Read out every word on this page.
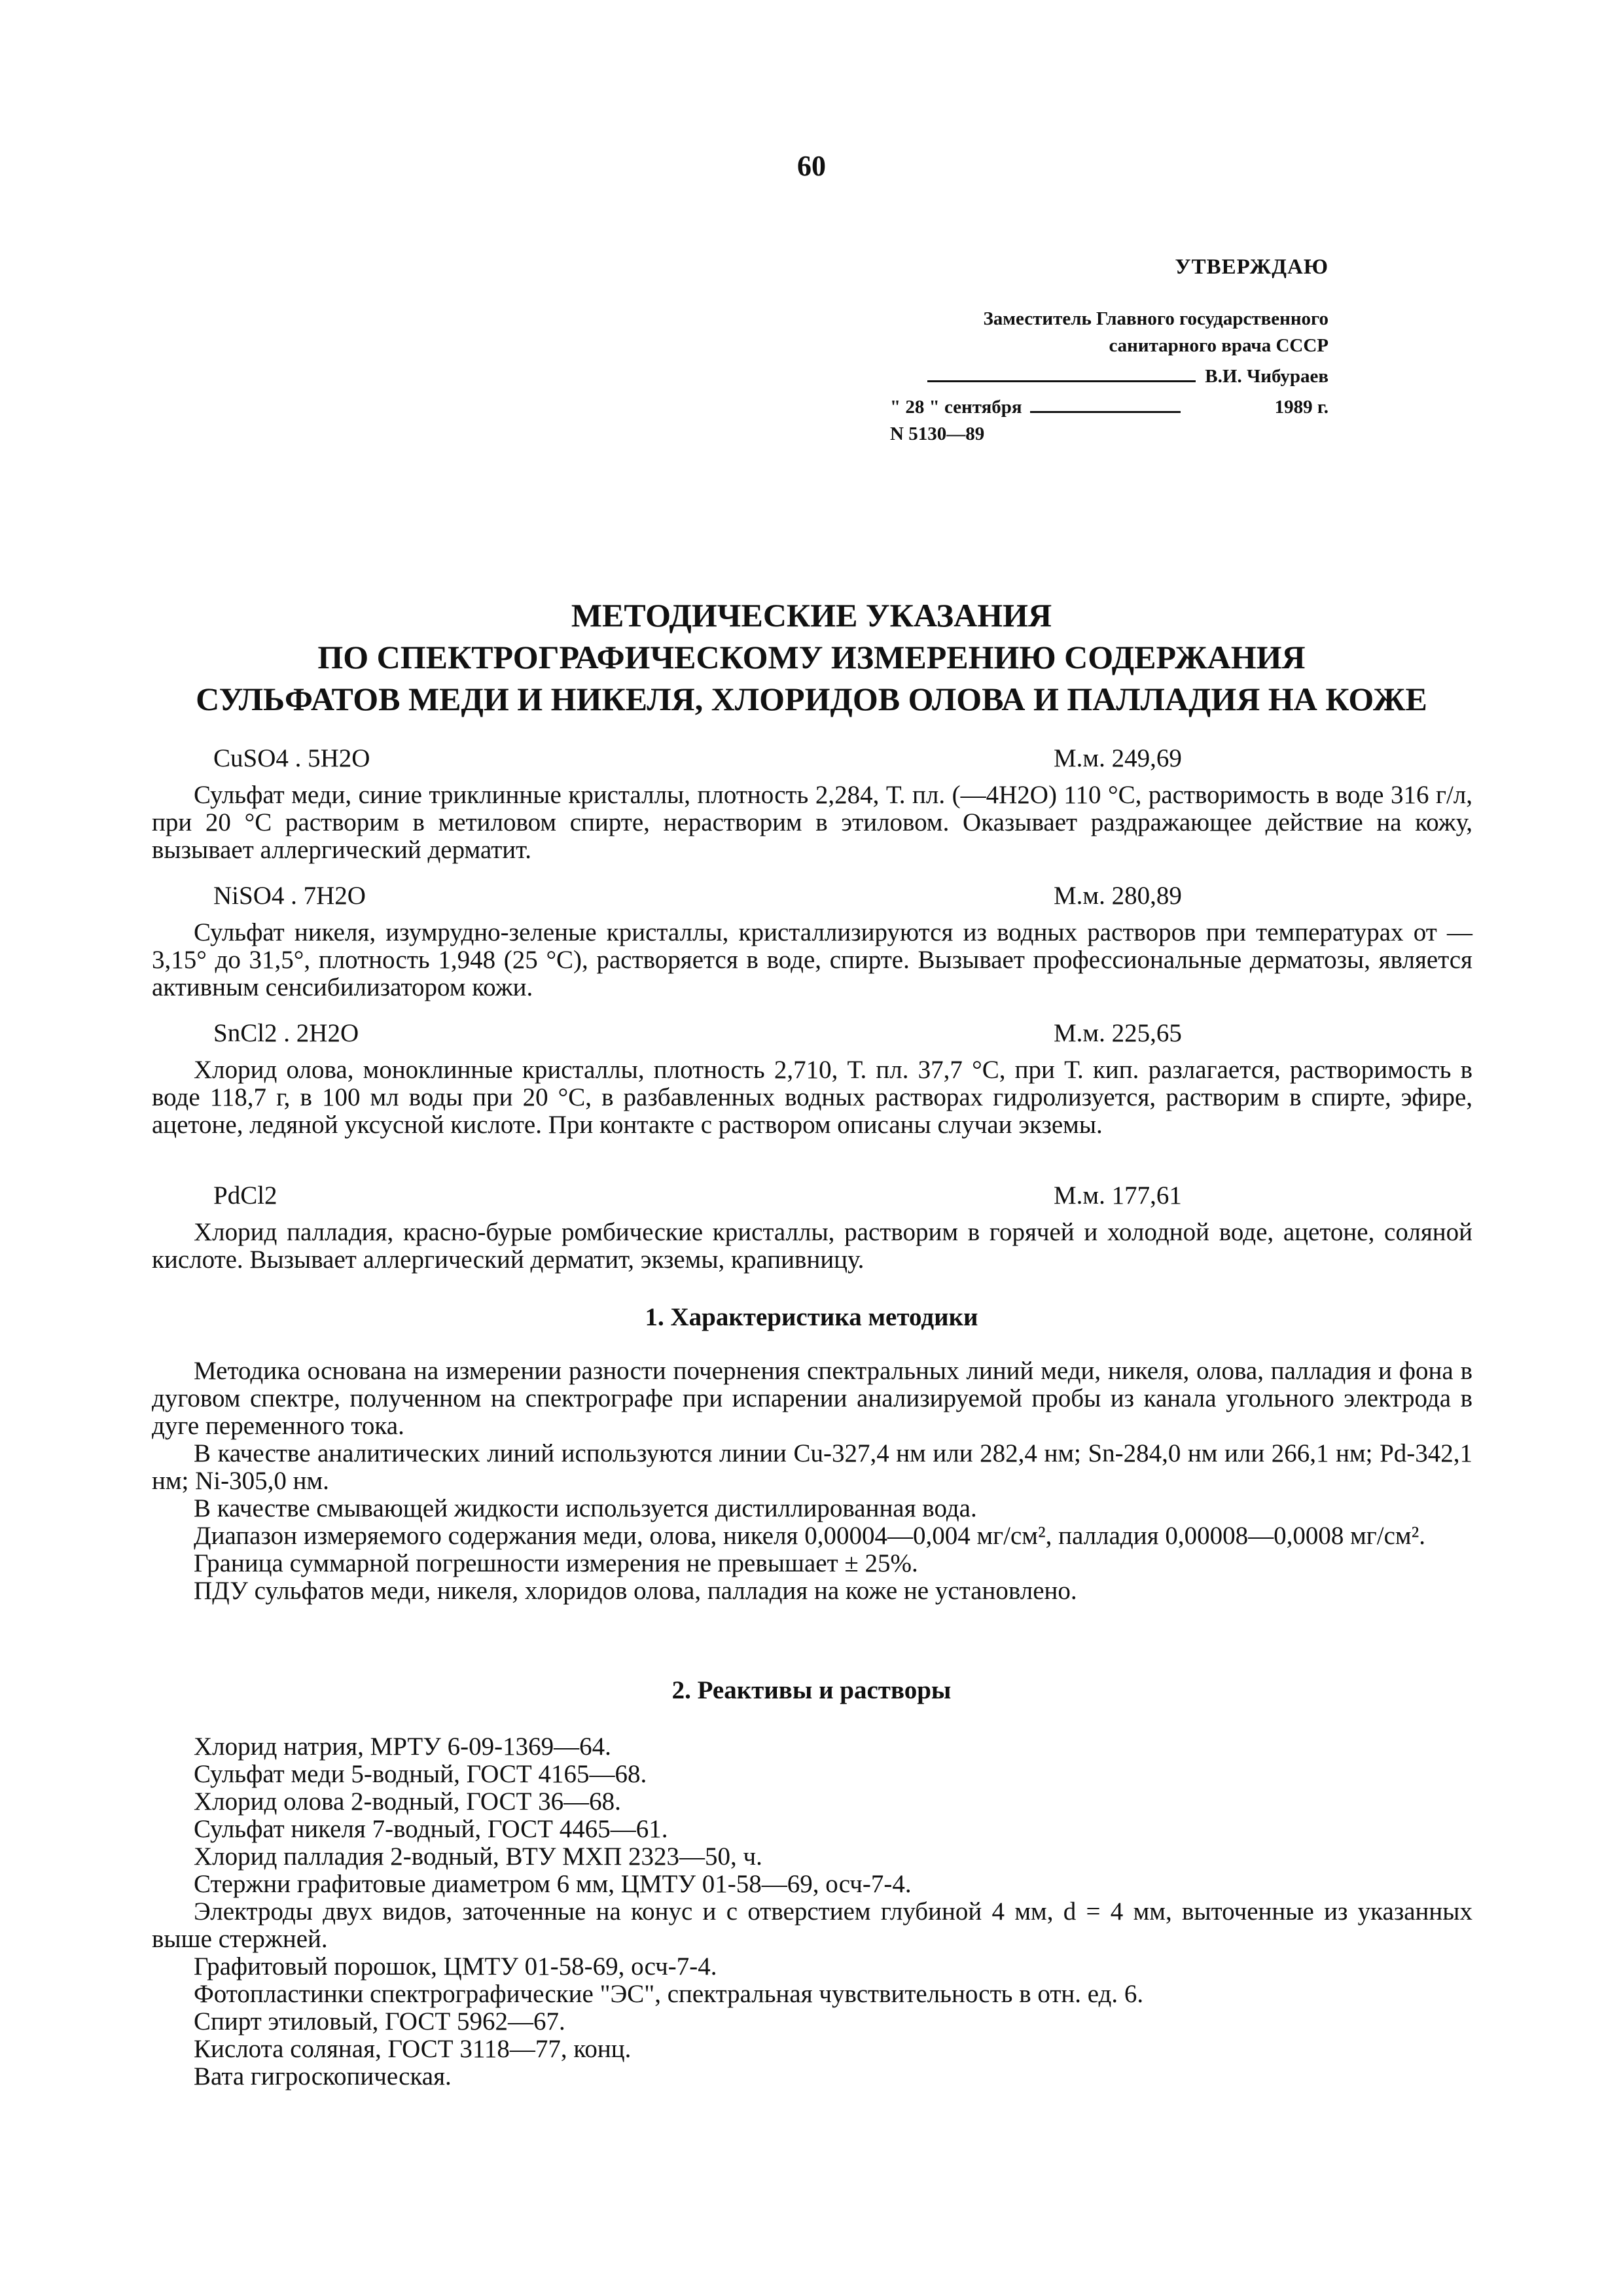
60
УТВЕРЖДАЮ
Заместитель Главного государственного
санитарного врача СССР
В.И. Чибураев
" 28 " сентября	1989 г.
N 5130—89
МЕТОДИЧЕСКИЕ УКАЗАНИЯ
ПО СПЕКТРОГРАФИЧЕСКОМУ ИЗМЕРЕНИЮ СОДЕРЖАНИЯ
СУЛЬФАТОВ МЕДИ И НИКЕЛЯ, ХЛОРИДОВ ОЛОВА И ПАЛЛАДИЯ НА КОЖЕ
CuSO4 . 5H2O	М.м. 249,69

Сульфат меди, синие триклинные кристаллы, плотность 2,284, Т. пл. (—4H2O) 110 °С, растворимость в воде 316 г/л, при 20 °С растворим в метиловом спирте, нерастворим в этиловом. Оказывает раздражающее действие на кожу, вызывает аллергический дерматит.

NiSO4 . 7H2O	М.м. 280,89

Сульфат никеля, изумрудно-зеленые кристаллы, кристаллизируются из водных растворов при температурах от —3,15° до 31,5°, плотность 1,948 (25 °С), растворяется в воде, спирте. Вызывает профессиональные дерматозы, является активным сенсибилизатором кожи.

SnCl2 . 2H2O	М.м. 225,65

Хлорид олова, моноклинные кристаллы, плотность 2,710, Т. пл. 37,7 °С, при Т. кип. разлагается, растворимость в воде 118,7 г, в 100 мл воды при 20 °С, в разбавленных водных растворах гидролизуется, растворим в спирте, эфире, ацетоне, ледяной уксусной кислоте. При контакте с раствором описаны случаи экземы.

PdCl2	М.м. 177,61

Хлорид палладия, красно-бурые ромбические кристаллы, растворим в горячей и холодной воде, ацетоне, соляной кислоте. Вызывает аллергический дерматит, экземы, крапивницу.

1. Характеристика методики

Методика основана на измерении разности почернения спектральных линий меди, никеля, олова, палладия и фона в дуговом спектре, полученном на спектрографе при испарении анализируемой пробы из канала угольного электрода в дуге переменного тока.

В качестве аналитических линий используются линии Cu-327,4 нм или 282,4 нм; Sn-284,0 нм или 266,1 нм; Pd-342,1 нм; Ni-305,0 нм.

В качестве смывающей жидкости используется дистиллированная вода.

Диапазон измеряемого содержания меди, олова, никеля 0,00004—0,004 мг/см², палладия 0,00008—0,0008 мг/см².

Граница суммарной погрешности измерения не превышает ± 25%.

ПДУ сульфатов меди, никеля, хлоридов олова, палладия на коже не установлено.

2. Реактивы и растворы

Хлорид натрия, МРТУ 6-09-1369—64.

Сульфат меди 5-водный, ГОСТ 4165—68.

Хлорид олова 2-водный, ГОСТ 36—68.

Сульфат никеля 7-водный, ГОСТ 4465—61.

Хлорид палладия 2-водный, ВТУ МХП 2323—50, ч.

Стержни графитовые диаметром 6 мм, ЦМТУ 01-58—69, осч-7-4.

Электроды двух видов, заточенные на конус и с отверстием глубиной 4 мм, d = 4 мм, выточенные из указанных выше стержней.

Графитовый порошок, ЦМТУ 01-58-69, осч-7-4.

Фотопластинки спектрографические "ЭС", спектральная чувствительность в отн. ед. 6.

Спирт этиловый, ГОСТ 5962—67.

Кислота соляная, ГОСТ 3118—77, конц.

Вата гигроскопическая.
